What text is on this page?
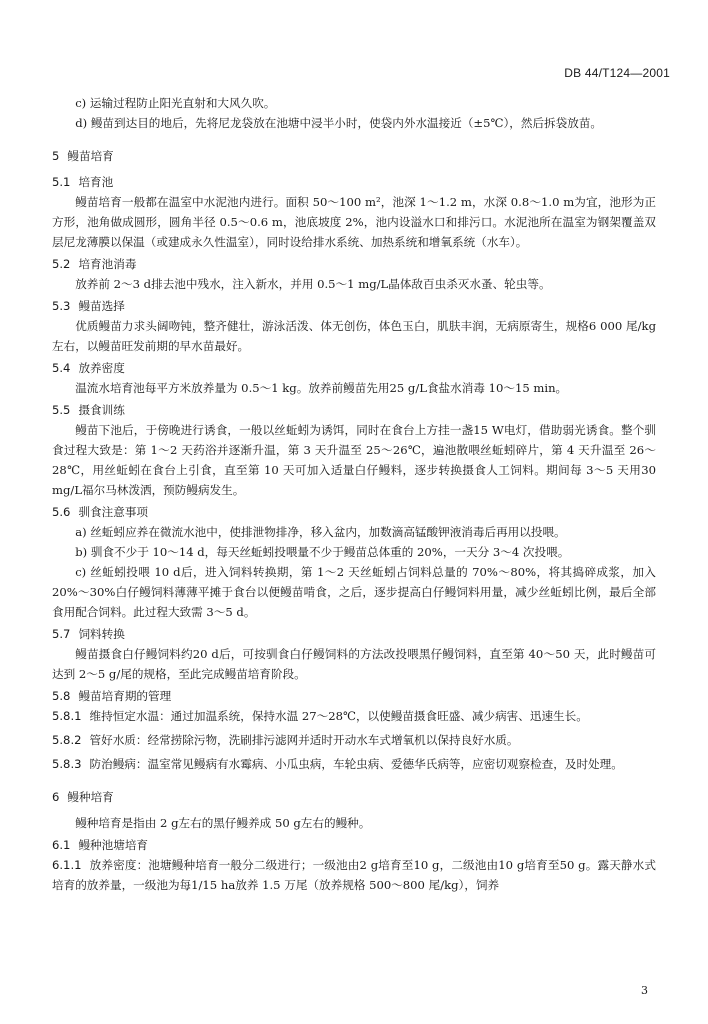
DB 44/T124—2001

c) 运输过程防止阳光直射和大风久吹。

d) 鳗苗到达目的地后，先将尼龙袋放在池塘中浸半小时，使袋内外水温接近（±5℃），然后拆袋放苗。

5 鳗苗培育
5.1 培育池

鳗苗培育一般都在温室中水泥池内进行。面积 50～100 m²，池深 1～1.2 m，水深 0.8～1.0 m为宜，池形为正方形，池角做成圆形，圆角半径 0.5～0.6 m，池底坡度 2%，池内设溢水口和排污口。水泥池所在温室为钢架覆盖双层尼龙薄膜以保温（或建成永久性温室），同时设给排水系统、加热系统和增氧系统（水车）。

5.2 培育池消毒

放养前 2～3 d排去池中残水，注入新水，并用 0.5～1 mg/L晶体敌百虫杀灭水蚤、轮虫等。

5.3 鳗苗选择

优质鳗苗力求头阔吻钝，整齐健壮，游泳活泼、体无创伤，体色玉白，肌肤丰润，无病原寄生，规格6 000 尾/kg左右，以鳗苗旺发前期的早水苗最好。

5.4 放养密度

温流水培育池每平方米放养量为 0.5～1 kg。放养前鳗苗先用25 g/L食盐水消毒 10～15 min。

5.5 摄食训练

鳗苗下池后，于傍晚进行诱食，一般以丝蚯蚓为诱饵，同时在食台上方挂一盏15 W电灯，借助弱光诱食。整个驯食过程大致是：第 1～2 天药浴并逐渐升温，第 3 天升温至 25～26℃，遍池散喂丝蚯蚓碎片，第 4 天升温至 26～28℃，用丝蚯蚓在食台上引食，直至第 10 天可加入适量白仔鳗料，逐步转换摄食人工饲料。期间每 3～5 天用30 mg/L福尔马林泼洒，预防鳗病发生。

5.6 驯食注意事项

a) 丝蚯蚓应养在微流水池中，使排泄物排净，移入盆内，加数滴高锰酸钾液消毒后再用以投喂。

b) 驯食不少于 10～14 d，每天丝蚯蚓投喂量不少于鳗苗总体重的 20%，一天分 3～4 次投喂。

c) 丝蚯蚓投喂 10 d后，进入饲料转换期，第 1～2 天丝蚯蚓占饲料总量的 70%～80%，将其捣碎成浆，加入 20%～30%白仔鳗饲料薄薄平摊于食台以便鳗苗啃食，之后，逐步提高白仔鳗饲料用量，减少丝蚯蚓比例，最后全部食用配合饲料。此过程大致需 3～5 d。

5.7 饲料转换

鳗苗摄食白仔鳗饲料约20 d后，可按驯食白仔鳗饲料的方法改投喂黑仔鳗饲料，直至第 40～50 天，此时鳗苗可达到 2～5 g/尾的规格，至此完成鳗苗培育阶段。

5.8 鳗苗培育期的管理

5.8.1 维持恒定水温：通过加温系统，保持水温 27～28℃，以使鳗苗摄食旺盛、减少病害、迅速生长。

5.8.2 管好水质：经常捞除污物，洗刷排污滤网并适时开动水车式增氧机以保持良好水质。

5.8.3 防治鳗病：温室常见鳗病有水霉病、小瓜虫病，车轮虫病、爱德华氏病等，应密切观察检查，及时处理。

6 鳗种培育

鳗种培育是指由 2 g左右的黑仔鳗养成 50 g左右的鳗种。

6.1 鳗种池塘培育

6.1.1 放养密度：池塘鳗种培育一般分二级进行；一级池由2 g培育至10 g，二级池由10 g培育至50 g。露天静水式培育的放养量，一级池为每1/15 ha放养 1.5 万尾（放养规格 500～800 尾/kg），饲养

3
